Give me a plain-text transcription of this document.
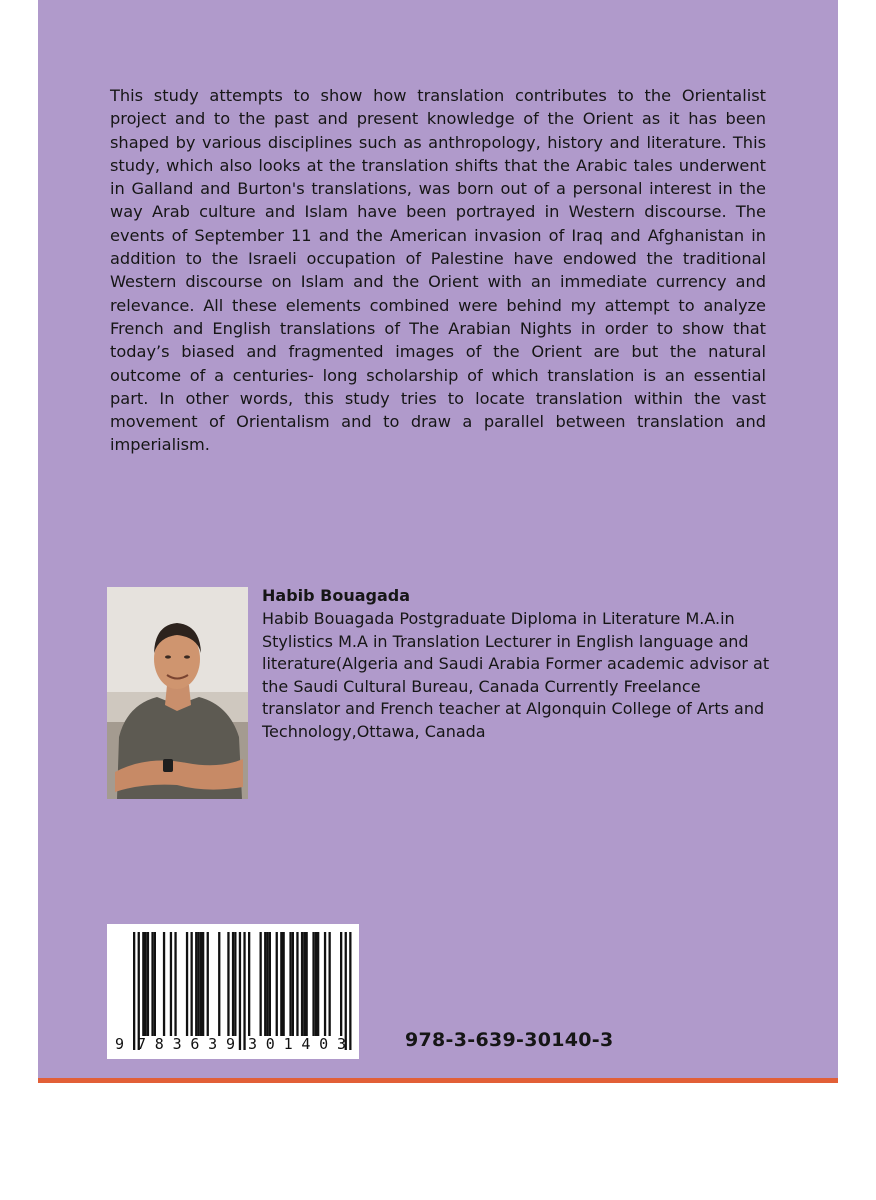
This study attempts to show how translation contributes to the Orientalist project and to the past and present knowledge of the Orient as it has been shaped by various disciplines such as anthropology, history and literature. This study, which also looks at the translation shifts that the Arabic tales underwent in Galland and Burton's translations, was born out of a personal interest in the way Arab culture and Islam have been portrayed in Western discourse. The events of September 11 and the American invasion of Iraq and Afghanistan in addition to the Israeli occupation of Palestine have endowed the traditional Western discourse on Islam and the Orient with an immediate currency and relevance. All these elements combined were behind my attempt to analyze French and English translations of The Arabian Nights in order to show that today’s biased and fragmented images of the Orient are but the natural outcome of a centuries- long scholarship of which translation is an essential part. In other words, this study tries to locate translation within the vast movement of Orientalism and to draw a parallel between translation and imperialism.

Habib Bouagada

Habib Bouagada Postgraduate Diploma in Literature M.A.in Stylistics M.A in Translation Lecturer in English language and literature(Algeria and Saudi Arabia Former academic advisor at the Saudi Cultural Bureau, Canada Currently Freelance translator and French teacher at Algonquin College of Arts and Technology,Ottawa, Canada

9 783639 301403	978-3-639-30140-3
